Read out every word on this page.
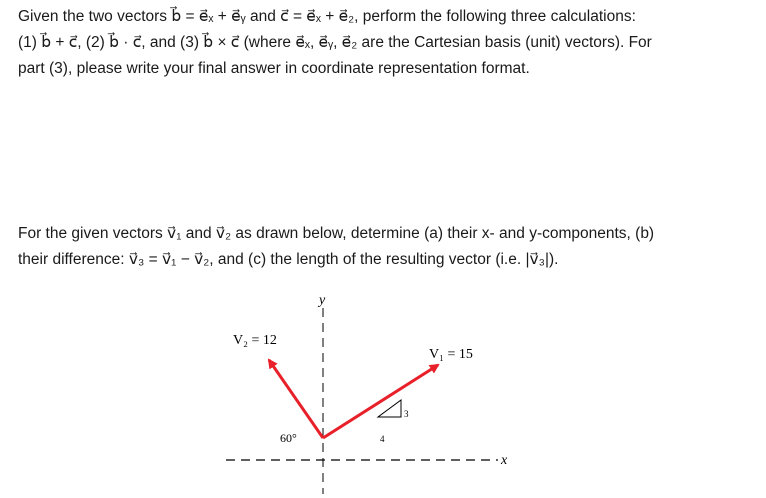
Given the two vectors b⃗ = e⃗ₓ + e⃗ᵧ and c⃗ = e⃗ₓ + e⃗₂, perform the following three calculations:
(1) b⃗ + c⃗, (2) b⃗ · c⃗, and (3) b⃗ × c⃗ (where e⃗ₓ, e⃗ᵧ, e⃗₂ are the Cartesian basis (unit) vectors). For
part (3), please write your final answer in coordinate representation format.
For the given vectors v⃗₁ and v⃗₂ as drawn below, determine (a) their x- and y-components, (b)
their difference: v⃗₃ = v⃗₁ − v⃗₂, and (c) the length of the resulting vector (i.e. |v⃗₃|).
y
x
3
4
V₂ = 12
V₁ = 15
60°
